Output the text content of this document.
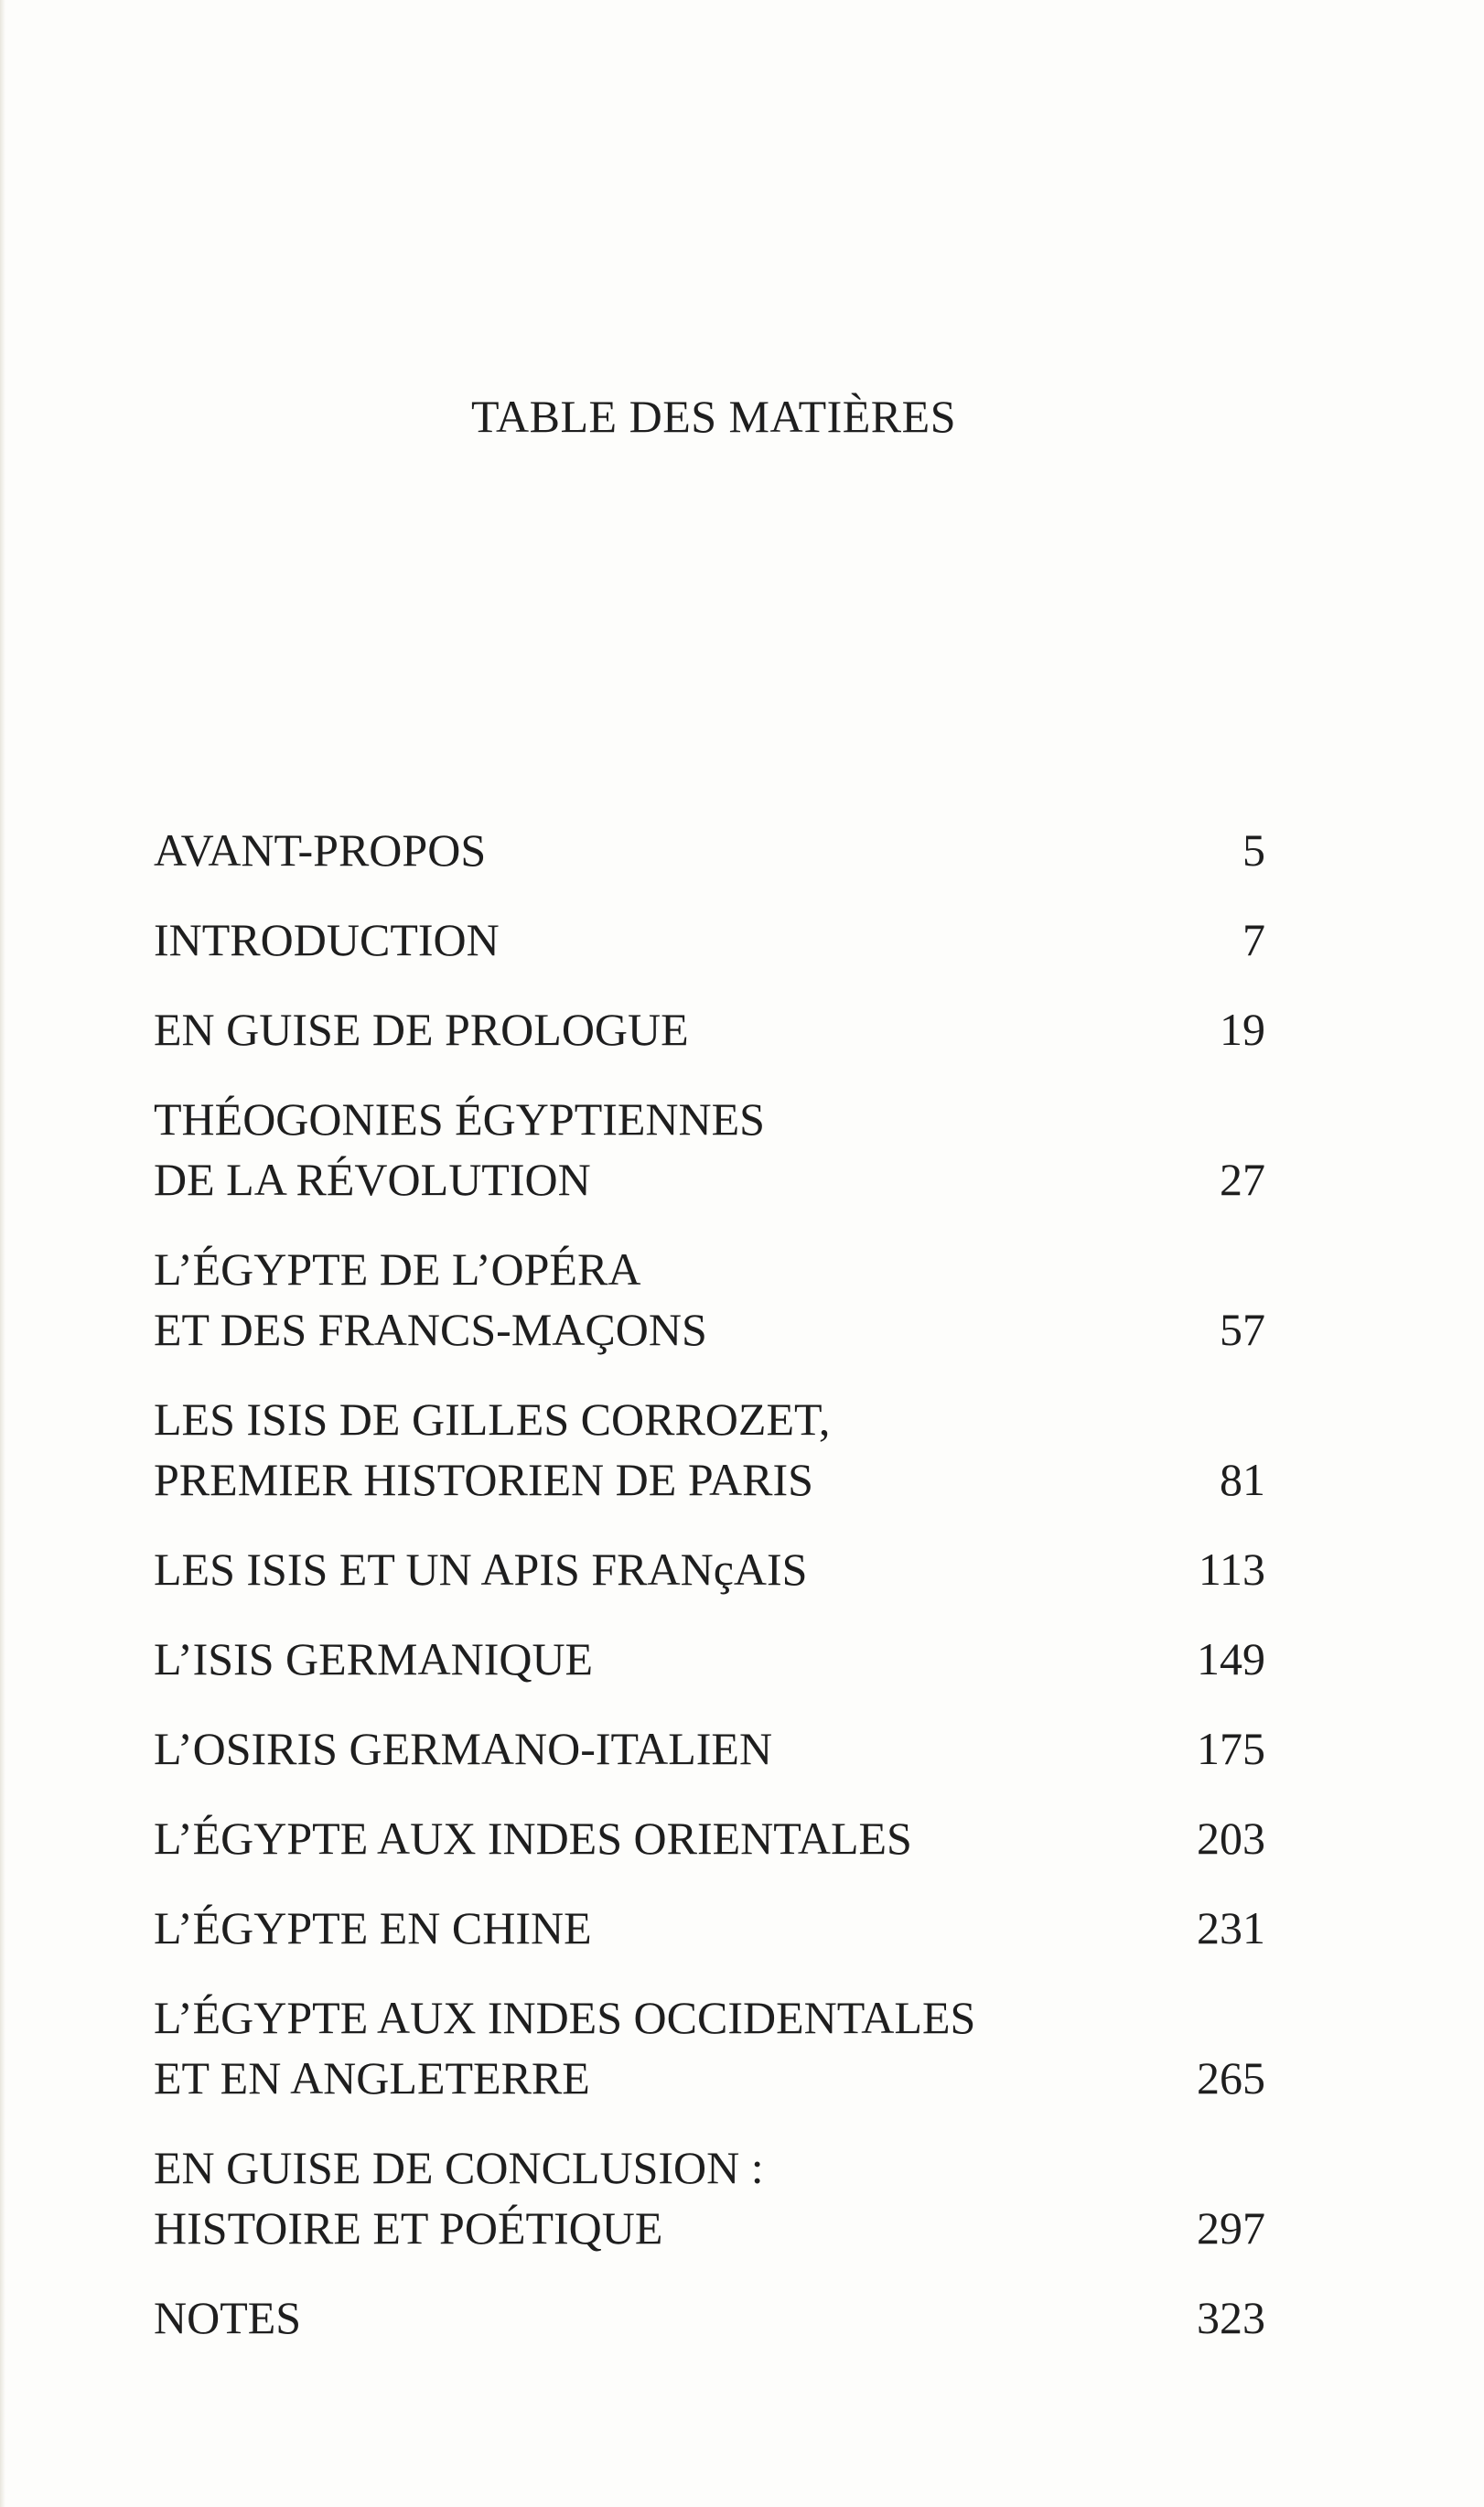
TABLE DES MATIÈRES
AVANT-PROPOS	5
INTRODUCTION	7
EN GUISE DE PROLOGUE	19
THÉOGONIES ÉGYPTIENNES
DE LA RÉVOLUTION	27
L’ÉGYPTE DE L’OPÉRA
ET DES FRANCS-MAÇONS	57
LES ISIS DE GILLES CORROZET,
PREMIER HISTORIEN DE PARIS	81
LES ISIS ET UN APIS FRANçAIS	113
L’ISIS GERMANIQUE	149
L’OSIRIS GERMANO-ITALIEN	175
L’ÉGYPTE AUX INDES ORIENTALES	203
L’ÉGYPTE EN CHINE	231
L’ÉGYPTE AUX INDES OCCIDENTALES
ET EN ANGLETERRE	265
EN GUISE DE CONCLUSION :
HISTOIRE ET POÉTIQUE	297
NOTES	323
